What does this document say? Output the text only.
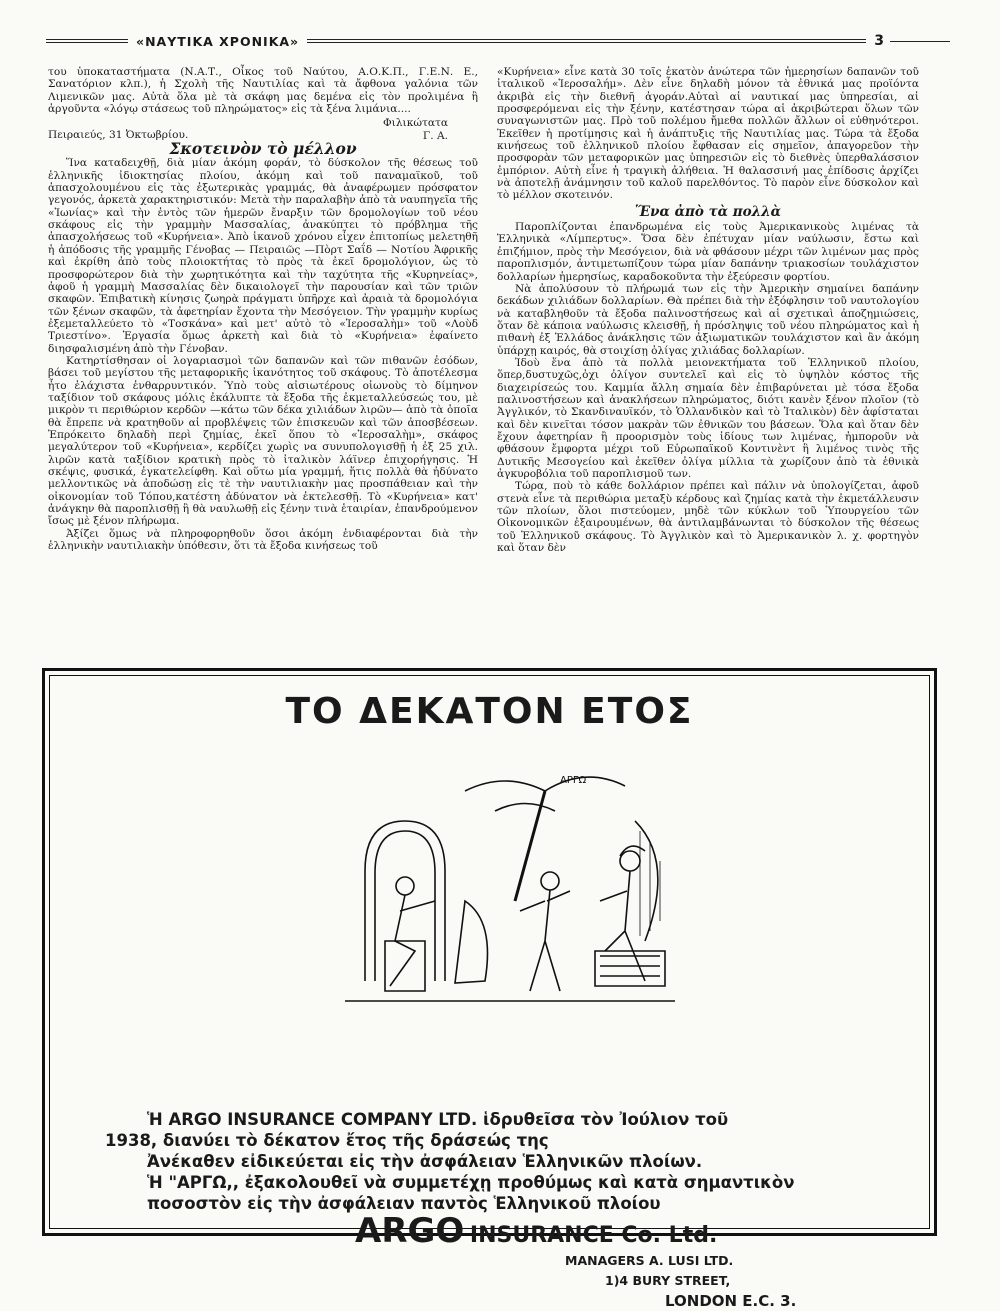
«ΝΑΥΤΙΚΑ ΧΡΟΝΙΚΑ»	3

του ὑποκαταστήματα (Ν.Α.Τ., Οἶκος τοῦ Ναύτου, Α.Ο.Κ.Π., Γ.Ε.Ν. Ε., Σανατόριον κλπ.), ἡ Σχολὴ τῆς Ναυτιλίας καὶ τὰ ἄφθονα γαλόνια τῶν Λιμενικῶν μας. Αὐτὰ ὅλα μὲ τὰ σκάφη μας δεμένα εἰς τὸν προλιμένα ἢ ἀργοῦντα «λόγῳ στάσεως τοῦ πληρώματος» εἰς τὰ ξένα λιμάνια....

Πειραιεύς, 31 Ὀκτωβρίου.
Φιλικώτατα
Γ. Α.
Σκοτεινὸν τὸ μέλλον

Ἵνα καταδειχθῇ, διὰ μίαν ἀκόμη φοράν, τὸ δύσκολον τῆς θέσεως τοῦ ἑλληνικῆς ἰδιοκτησίας πλοίου, ἀκόμη καὶ τοῦ παναμαϊκοῦ, τοῦ ἀπασχολουμένου εἰς τὰς ἐξωτερικὰς γραμμάς, θὰ ἀναφέρωμεν πρόσφατον γεγονός, ἀρκετὰ χαρακτηριστικόν: Μετὰ τὴν παραλαβὴν ἀπὸ τὰ ναυπηγεῖα τῆς «Ἰωνίας» καὶ τὴν ἐντὸς τῶν ἡμερῶν ἔναρξιν τῶν δρομολογίων τοῦ νέου σκάφους εἰς τὴν γραμμὴν Μασσαλίας, ἀνακύπτει τὸ πρόβλημα τῆς ἀπασχολήσεως τοῦ «Κυρήνεια». Ἀπὸ ἱκανοῦ χρόνου εἶχεν ἐπιτοπίως μελετηθῆ ἡ ἀπόδοσις τῆς γραμμῆς Γένοβας — Πειραιῶς —Πὸρτ Σαΐδ — Νοτίου Ἀφρικῆς καὶ ἐκρίθη ἀπὸ τοὺς πλοιοκτήτας τὸ πρὸς τὰ ἐκεῖ δρομολόγιον, ὡς τὸ προσφορώτερον διὰ τὴν χωρητικότητα καὶ τὴν ταχύτητα τῆς «Κυρηνείας», ἀφοῦ ἡ γραμμὴ Μασσαλίας δὲν δικαιολογεῖ τὴν παρουσίαν καὶ τῶν τριῶν σκαφῶν. Ἐπιβατικὴ κίνησις ζωηρὰ πράγματι ὑπῆρχε καὶ ἀραιὰ τὰ δρομολόγια τῶν ξένων σκαφῶν, τὰ ἀφετηρίαν ἔχοντα τὴν Μεσόγειον. Τὴν γραμμὴν κυρίως ἐξεμεταλλεύετο τὸ «Τοσκάνα» καὶ μετ' αὐτὸ τὸ «Ἱεροσαλὴμ» τοῦ «Λοὺδ Τριεστίνο». Ἐργασία ὅμως ἀρκετὴ καὶ διὰ τὸ «Κυρήνεια» ἐφαίνετο διησφαλισμένη ἀπὸ τὴν Γένοβαν.

Κατηρτίσθησαν οἱ λογαριασμοὶ τῶν δαπανῶν καὶ τῶν πιθανῶν ἐσόδων, βάσει τοῦ μεγίστου τῆς μεταφορικῆς ἱκανότητος τοῦ σκάφους. Τὸ ἀποτέλεσμα ἦτο ἐλάχιστα ἐνθαρρυντικόν. Ὑπὸ τοὺς αἰσιωτέρους οἰωνοὺς τὸ δίμηνον ταξίδιον τοῦ σκάφους μόλις ἐκάλυπτε τὰ ἔξοδα τῆς ἐκμεταλλεύσεώς του, μὲ μικρὸν τι περιθώριον κερδῶν —κάτω τῶν δέκα χιλιάδων λιρῶν— ἀπὸ τὰ ὁποῖα θὰ ἔπρεπε νὰ κρατηθοῦν αἱ προβλέψεις τῶν ἐπισκευῶν καὶ τῶν ἀποσβέσεων. Ἐπρόκειτο δηλαδὴ περὶ ζημίας, ἐκεῖ ὅπου τὸ «Ἱεροσαλὴμ», σκάφος μεγαλύτερον τοῦ «Κυρήνεια», κερδίζει χωρὶς να συνυπολογισθῇ ἡ ἐξ 25 χιλ. λιρῶν κατὰ ταξίδιον κρατικὴ πρὸς τὸ ἰταλικὸν λάϊνερ ἐπιχορήγησις. Ἡ σκέψις, φυσικά, ἐγκατελείφθη. Καὶ οὕτω μία γραμμή, ἥτις πολλὰ θὰ ἠδύνατο μελλοντικῶς νὰ ἀποδώσῃ εἰς τὲ τὴν ναυτιλιακὴν μας προσπάθειαν καὶ τὴν οἰκονομίαν τοῦ Τόπου,κατέστη ἀδύνατον νὰ ἐκτελεσθῇ. Τὸ «Κυρήνεια» κατ' ἀνάγκην θὰ παροπλισθῇ ἢ θὰ ναυλωθῇ εἰς ξένην τινὰ ἑταιρίαν, ἐπανδρούμενον ἴσως μὲ ξένον πλήρωμα.

Ἀξίζει ὅμως νὰ πληροφορηθοῦν ὅσοι ἀκόμη ἐνδιαφέρονται διὰ τὴν ἑλληνικὴν ναυτιλιακὴν ὑπόθεσιν, ὅτι τὰ ἔξοδα κινήσεως τοῦ

«Κυρήνεια» εἶνε κατὰ 30 τοῖς ἑκατὸν ἀνώτερα τῶν ἡμερησίων δαπανῶν τοῦ ἰταλικοῦ «Ἱεροσαλήμ». Δὲν εἶνε δηλαδὴ μόνον τὰ ἐθνικά μας προϊόντα ἀκριβὰ εἰς τὴν διεθνῆ ἀγοράν.Αὐταὶ αἱ ναυτικαί μας ὑπηρεσίαι, αἱ προσφερόμεναι εἰς τὴν ξένην, κατέστησαν τώρα αἱ ἀκριβώτεραι ὅλων τῶν συναγωνιστῶν μας. Πρὸ τοῦ πολέμου ἤμεθα πολλῶν ἄλλων οἱ εὐθηνότεροι. Ἐκεῖθεν ἡ προτίμησις καὶ ἡ ἀνάπτυξις τῆς Ναυτιλίας μας. Τώρα τὰ ἔξοδα κινήσεως τοῦ ἑλληνικοῦ πλοίου ἔφθασαν εἰς σημεῖον, ἀπαγορεῦον τὴν προσφορὰν τῶν μεταφορικῶν μας ὑπηρεσιῶν εἰς τὸ διεθνὲς ὑπερθαλάσσιον ἐμπόριον. Αὐτὴ εἶνε ἡ τραγικὴ ἀλήθεια. Ἡ θαλασσινή μας ἐπίδοσις ἀρχίζει νὰ ἀποτελῇ ἀνάμνησιν τοῦ καλοῦ παρελθόντος. Τὸ παρὸν εἶνε δύσκολον καὶ τὸ μέλλον σκοτεινόν.

Ἕνα ἀπὸ τὰ πολλὰ

Παροπλίζονται ἐπανδρωμένα εἰς τοὺς Ἀμερικανικοὺς λιμένας τὰ Ἑλληνικὰ «Λίμπερτυς». Ὅσα δὲν ἐπέτυχαν μίαν ναύλωσιν, ἔστω καὶ ἐπιζήμιον, πρὸς τὴν Μεσόγειον, διὰ νὰ φθάσουν μέχρι τῶν λιμένων μας πρὸς παροπλισμόν, ἀντιμετωπίζουν τώρα μίαν δαπάνην τριακοσίων τουλάχιστον δολλαρίων ἡμερησίως, καραδοκοῦντα τὴν ἐξεύρεσιν φορτίου.

Νὰ ἀπολύσουν τὸ πλήρωμά των εἰς τὴν Ἀμερικὴν σημαίνει δαπάνην δεκάδων χιλιάδων δολλαρίων. Θὰ πρέπει διὰ τὴν ἐξόφλησιν τοῦ ναυτολογίου νὰ καταβληθοῦν τὰ ἔξοδα παλινοστήσεως καὶ αἱ σχετικαὶ ἀποζημιώσεις, ὅταν δὲ κάποια ναύλωσις κλεισθῇ, ἡ πρόσληψις τοῦ νέου πληρώματος καὶ ἡ πιθανὴ ἐξ Ἑλλάδος ἀνάκλησις τῶν ἀξιωματικῶν τουλάχιστον καὶ ἂν ἀκόμη ὑπάρχῃ καιρός, θὰ στοιχίσῃ ὀλίγας χιλιάδας δολλαρίων.

Ἰδοὺ ἕνα ἀπὸ τὰ πολλὰ μειονεκτήματα τοῦ Ἑλληνικοῦ πλοίου, ὅπερ,δυστυχῶς,ὀχι ὀλίγον συντελεῖ καὶ εἰς τὸ ὑψηλὸν κόστος τῆς διαχειρίσεώς του. Καμμία ἄλλη σημαία δὲν ἐπιβαρύνεται μὲ τόσα ἔξοδα παλινοστήσεων καὶ ἀνακλήσεων πληρώματος, διότι κανὲν ξένον πλοῖον (τὸ Ἀγγλικόν, τὸ Σκανδιναυϊκόν, τὸ Ὁλλανδικὸν καὶ τὸ Ἰταλικὸν) δὲν ἀφίσταται καὶ δὲν κινεῖται τόσον μακρὰν τῶν ἐθνικῶν του βάσεων. Ὅλα καὶ ὅταν δὲν ἔχουν ἀφετηρίαν ἢ προορισμὸν τοὺς ἰδίους των λιμένας, ἠμποροῦν νὰ φθάσουν ἔμφορτα μέχρι τοῦ Εὐρωπαϊκοῦ Κοντινὲντ ἢ λιμένος τινὸς τῆς Δυτικῆς Μεσογείου καὶ ἐκεῖθεν ὀλίγα μίλλια τὰ χωρίζουν ἀπὸ τὰ ἐθνικὰ ἀγκυροβόλια τοῦ παροπλισμοῦ των.

Τώρα, ποὺ τὸ κάθε δολλάριον πρέπει καὶ πάλιν νὰ ὑπολογίζεται, ἀφοῦ στενὰ εἶνε τὰ περιθώρια μεταξὺ κέρδους καὶ ζημίας κατὰ τὴν ἐκμετάλλευσιν τῶν πλοίων, ὅλοι πιστεύομεν, μηδὲ τῶν κύκλων τοῦ Ὑπουργείου τῶν Οἰκονομικῶν ἐξαιρουμένων, θὰ ἀντιλαμβάνωνται τὸ δύσκολον τῆς θέσεως τοῦ Ἑλληνικοῦ σκάφους. Τὸ Ἀγγλικὸν καὶ τὸ Ἀμερικανικὸν λ. χ. φορτηγὸν καὶ ὅταν δὲν

ΤΟ ΔΕΚΑΤΟΝ ΕΤΟΣ
ΑΡΓΩ
Ἡ ARGO INSURANCE COMPANY LTD. ἱδρυθεῖσα τὸν Ἰούλιον τοῦ
1938, διανύει τὸ δέκατον ἔτος τῆς δράσεώς της
Ἀνέκαθεν εἰδικεύεται εἰς τὴν ἀσφάλειαν Ἑλληνικῶν πλοίων.
Ἡ "ΑΡΓΩ,, ἐξακολουθεῖ νὰ συμμετέχῃ προθύμως καὶ κατὰ σημαντικὸν ποσοστὸν εἰς τὴν ἀσφάλειαν παντὸς Ἑλληνικοῦ πλοίου
ARGO INSURANCE Co. Ltd.
MANAGERS A. LUSI LTD.
1)4 BURY STREET,
LONDON E.C. 3.
